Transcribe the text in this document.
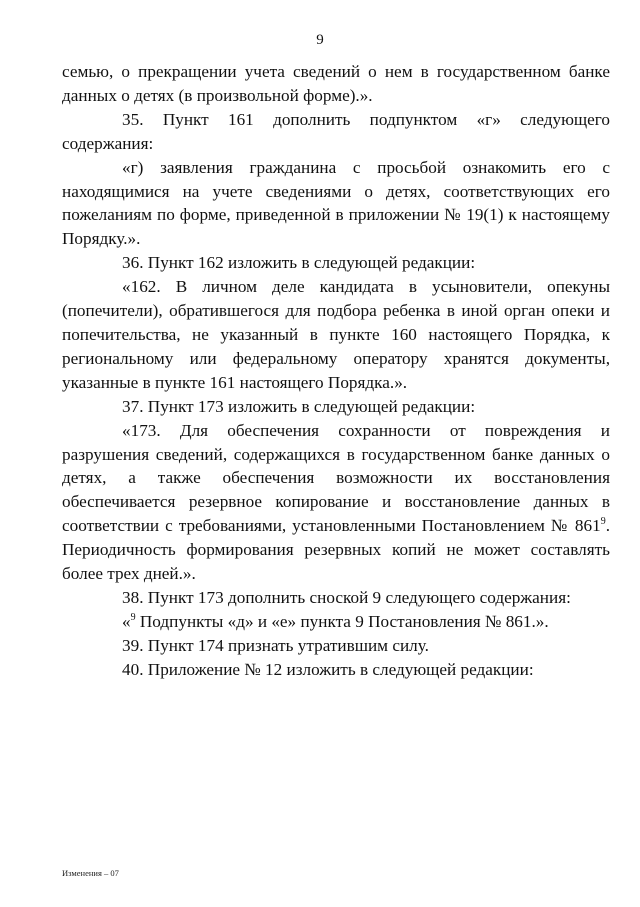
9

семью, о прекращении учета сведений о нем в государственном банке данных о детях (в произвольной форме).».

35. Пункт 161 дополнить подпунктом «г» следующего содержания:

«г) заявления гражданина с просьбой ознакомить его с находящимися на учете сведениями о детях, соответствующих его пожеланиям по форме, приведенной в приложении № 19(1) к настоящему Порядку.».

36. Пункт 162 изложить в следующей редакции:

«162. В личном деле кандидата в усыновители, опекуны (попечители), обратившегося для подбора ребенка в иной орган опеки и попечительства, не указанный в пункте 160 настоящего Порядка, к региональному или федеральному оператору хранятся документы, указанные в пункте 161 настоящего Порядка.».

37. Пункт 173 изложить в следующей редакции:

«173. Для обеспечения сохранности от повреждения и разрушения сведений, содержащихся в государственном банке данных о детях, а также обеспечения возможности их восстановления обеспечивается резервное копирование и восстановление данных в соответствии с требованиями, установленными Постановлением № $861^9$. Периодичность формирования резервных копий не может составлять более трех дней.».

38. Пункт 173 дополнить сноской 9 следующего содержания:

«$^9$ Подпункты «д» и «е» пункта 9 Постановления № 861.».

39. Пункт 174 признать утратившим силу.

40. Приложение № 12 изложить в следующей редакции:

Изменения – 07
